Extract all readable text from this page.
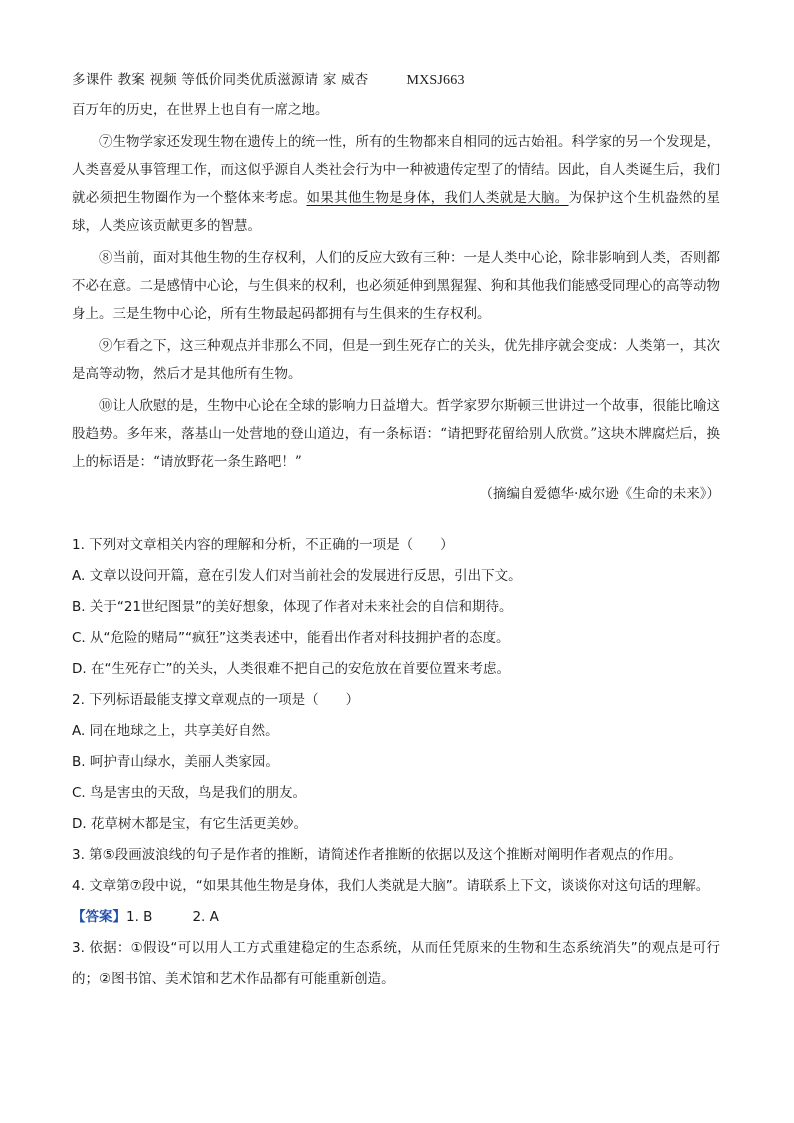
多课件 教案 视频 等低价同类优质滋源请 家 威杏	MXSJ663

百万年的历史，在世界上也自有一席之地。

⑦生物学家还发现生物在遗传上的统一性，所有的生物都来自相同的远古始祖。科学家的另一个发现是，人类喜爱从事管理工作，而这似乎源自人类社会行为中一种被遗传定型了的情结。因此，自人类诞生后，我们就必须把生物圈作为一个整体来考虑。如果其他生物是身体，我们人类就是大脑。为保护这个生机盎然的星球，人类应该贡献更多的智慧。

⑧当前，面对其他生物的生存权利，人们的反应大致有三种：一是人类中心论，除非影响到人类，否则都不必在意。二是感情中心论，与生俱来的权利，也必须延伸到黑猩猩、狗和其他我们能感受同理心的高等动物身上。三是生物中心论，所有生物最起码都拥有与生俱来的生存权利。

⑨乍看之下，这三种观点并非那么不同，但是一到生死存亡的关头，优先排序就会变成：人类第一，其次是高等动物，然后才是其他所有生物。

⑩让人欣慰的是，生物中心论在全球的影响力日益增大。哲学家罗尔斯顿三世讲过一个故事，很能比喻这股趋势。多年来，落基山一处营地的登山道边，有一条标语：“请把野花留给别人欣赏。”这块木牌腐烂后，换上的标语是：“请放野花一条生路吧！”

（摘编自爱德华·威尔逊《生命的未来》）

1. 下列对文章相关内容的理解和分析，不正确的一项是（　　）

A. 文章以设问开篇，意在引发人们对当前社会的发展进行反思，引出下文。

B. 关于“21世纪图景”的美好想象，体现了作者对未来社会的自信和期待。

C. 从“危险的赌局”“疯狂”这类表述中，能看出作者对科技拥护者的态度。

D. 在“生死存亡”的关头，人类很难不把自己的安危放在首要位置来考虑。

2. 下列标语最能支撑文章观点的一项是（　　）

A. 同在地球之上，共享美好自然。

B. 呵护青山绿水，美丽人类家园。

C. 鸟是害虫的天敌，鸟是我们的朋友。

D. 花草树木都是宝，有它生活更美妙。

3. 第⑤段画波浪线的句子是作者的推断，请简述作者推断的依据以及这个推断对阐明作者观点的作用。

4. 文章第⑦段中说，“如果其他生物是身体，我们人类就是大脑”。请联系上下文，谈谈你对这句话的理解。

【答案】1. B	2. A

3. 依据：①假设“可以用人工方式重建稳定的生态系统，从而任凭原来的生物和生态系统消失”的观点是可行的；②图书馆、美术馆和艺术作品都有可能重新创造。
